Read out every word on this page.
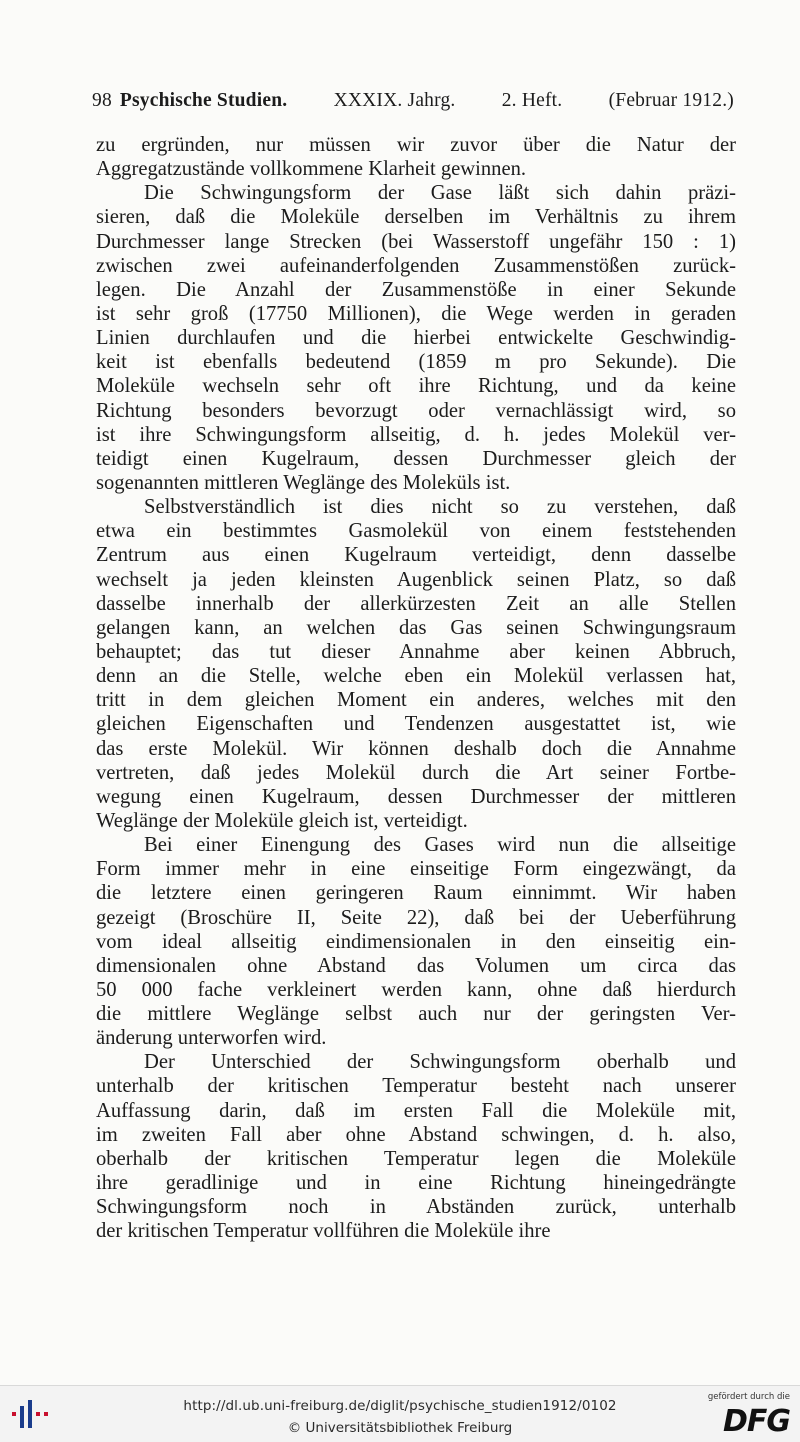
98 Psychische Studien. XXXIX. Jahrg. 2. Heft. (Februar 1912.)
zu ergründen, nur müssen wir zuvor über die Natur der
Aggregatzustände vollkommene Klarheit gewinnen.
Die Schwingungsform der Gase läßt sich dahin präzi-
sieren, daß die Moleküle derselben im Verhältnis zu ihrem
Durchmesser lange Strecken (bei Wasserstoff ungefähr 150 : 1)
zwischen zwei aufeinanderfolgenden Zusammenstößen zurück-
legen. Die Anzahl der Zusammenstöße in einer Sekunde
ist sehr groß (17750 Millionen), die Wege werden in geraden
Linien durchlaufen und die hierbei entwickelte Geschwindig-
keit ist ebenfalls bedeutend (1859 m pro Sekunde). Die
Moleküle wechseln sehr oft ihre Richtung, und da keine
Richtung besonders bevorzugt oder vernachlässigt wird, so
ist ihre Schwingungsform allseitig, d. h. jedes Molekül ver-
teidigt einen Kugelraum, dessen Durchmesser gleich der
sogenannten mittleren Weglänge des Moleküls ist.
Selbstverständlich ist dies nicht so zu verstehen, daß
etwa ein bestimmtes Gasmolekül von einem feststehenden
Zentrum aus einen Kugelraum verteidigt, denn dasselbe
wechselt ja jeden kleinsten Augenblick seinen Platz, so daß
dasselbe innerhalb der allerkürzesten Zeit an alle Stellen
gelangen kann, an welchen das Gas seinen Schwingungsraum
behauptet; das tut dieser Annahme aber keinen Abbruch,
denn an die Stelle, welche eben ein Molekül verlassen hat,
tritt in dem gleichen Moment ein anderes, welches mit den
gleichen Eigenschaften und Tendenzen ausgestattet ist, wie
das erste Molekül. Wir können deshalb doch die Annahme
vertreten, daß jedes Molekül durch die Art seiner Fortbe-
wegung einen Kugelraum, dessen Durchmesser der mittleren
Weglänge der Moleküle gleich ist, verteidigt.
Bei einer Einengung des Gases wird nun die allseitige
Form immer mehr in eine einseitige Form eingezwängt, da
die letztere einen geringeren Raum einnimmt. Wir haben
gezeigt (Broschüre II, Seite 22), daß bei der Ueberführung
vom ideal allseitig eindimensionalen in den einseitig ein-
dimensionalen ohne Abstand das Volumen um circa das
50 000 fache verkleinert werden kann, ohne daß hierdurch
die mittlere Weglänge selbst auch nur der geringsten Ver-
änderung unterworfen wird.
Der Unterschied der Schwingungsform oberhalb und
unterhalb der kritischen Temperatur besteht nach unserer
Auffassung darin, daß im ersten Fall die Moleküle mit,
im zweiten Fall aber ohne Abstand schwingen, d. h. also,
oberhalb der kritischen Temperatur legen die Moleküle
ihre geradlinige und in eine Richtung hineingedrängte
Schwingungsform noch in Abständen zurück, unterhalb
der kritischen Temperatur vollführen die Moleküle ihre
http://dl.ub.uni-freiburg.de/diglit/psychische_studien1912/0102
© Universitätsbibliothek Freiburg
gefördert durch die
DFG
